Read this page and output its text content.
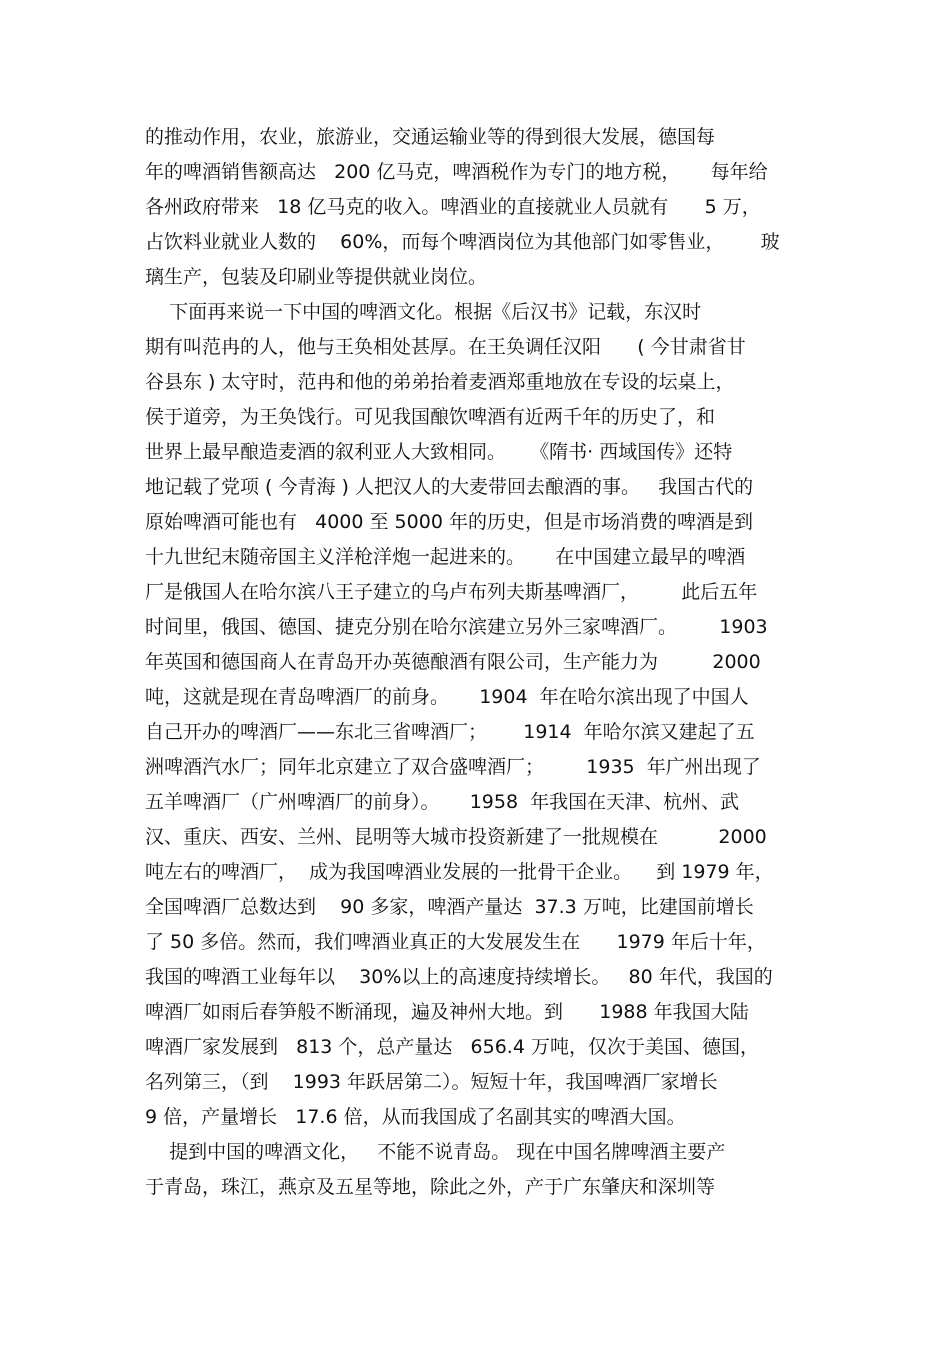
的推动作用，农业，旅游业，交通运输业等的得到很大发展，德国每
年的啤酒销售额高达   200 亿马克，啤酒税作为专门的地方税，     每年给
各州政府带来   18 亿马克的收入。啤酒业的直接就业人员就有      5 万，
占饮料业就业人数的    60%，而每个啤酒岗位为其他部门如零售业，      玻
璃生产，包装及印刷业等提供就业岗位。
下面再来说一下中国的啤酒文化。根据《后汉书》记载，东汉时
期有叫范冉的人，他与王奂相处甚厚。在王奂调任汉阳      ( 今甘肃省甘
谷县东 ) 太守时，范冉和他的弟弟抬着麦酒郑重地放在专设的坛桌上，
侯于道旁，为王奂饯行。可见我国酿饮啤酒有近两千年的历史了，和
世界上最早酿造麦酒的叙利亚人大致相同。    《隋书· 西域国传》还特
地记载了党项 ( 今青海 ) 人把汉人的大麦带回去酿酒的事。   我国古代的
原始啤酒可能也有   4000 至 5000 年的历史，但是市场消费的啤酒是到
十九世纪末随帝国主义洋枪洋炮一起进来的。     在中国建立最早的啤酒
厂是俄国人在哈尔滨八王子建立的乌卢布列夫斯基啤酒厂，       此后五年
时间里，俄国、德国、捷克分别在哈尔滨建立另外三家啤酒厂。       1903
年英国和德国商人在青岛开办英德酿酒有限公司，生产能力为         2000
吨，这就是现在青岛啤酒厂的前身。     1904  年在哈尔滨出现了中国人
自己开办的啤酒厂——东北三省啤酒厂；      1914  年哈尔滨又建起了五
洲啤酒汽水厂；同年北京建立了双合盛啤酒厂；       1935  年广州出现了
五羊啤酒厂（广州啤酒厂的前身）。     1958  年我国在天津、杭州、武
汉、重庆、西安、兰州、昆明等大城市投资新建了一批规模在          2000
吨左右的啤酒厂，  成为我国啤酒业发展的一批骨干企业。    到 1979 年，
全国啤酒厂总数达到    90 多家，啤酒产量达  37.3 万吨，比建国前增长
了 50 多倍。然而，我们啤酒业真正的大发展发生在      1979 年后十年，
我国的啤酒工业每年以    30%以上的高速度持续增长。   80 年代，我国的
啤酒厂如雨后春笋般不断涌现，遍及神州大地。到      1988 年我国大陆
啤酒厂家发展到   813 个，总产量达   656.4 万吨，仅次于美国、德国，
名列第三，（到    1993 年跃居第二）。短短十年，我国啤酒厂家增长
9 倍，产量增长   17.6 倍，从而我国成了名副其实的啤酒大国。
提到中国的啤酒文化，   不能不说青岛。 现在中国名牌啤酒主要产
于青岛，珠江，燕京及五星等地，除此之外，产于广东肇庆和深圳等
